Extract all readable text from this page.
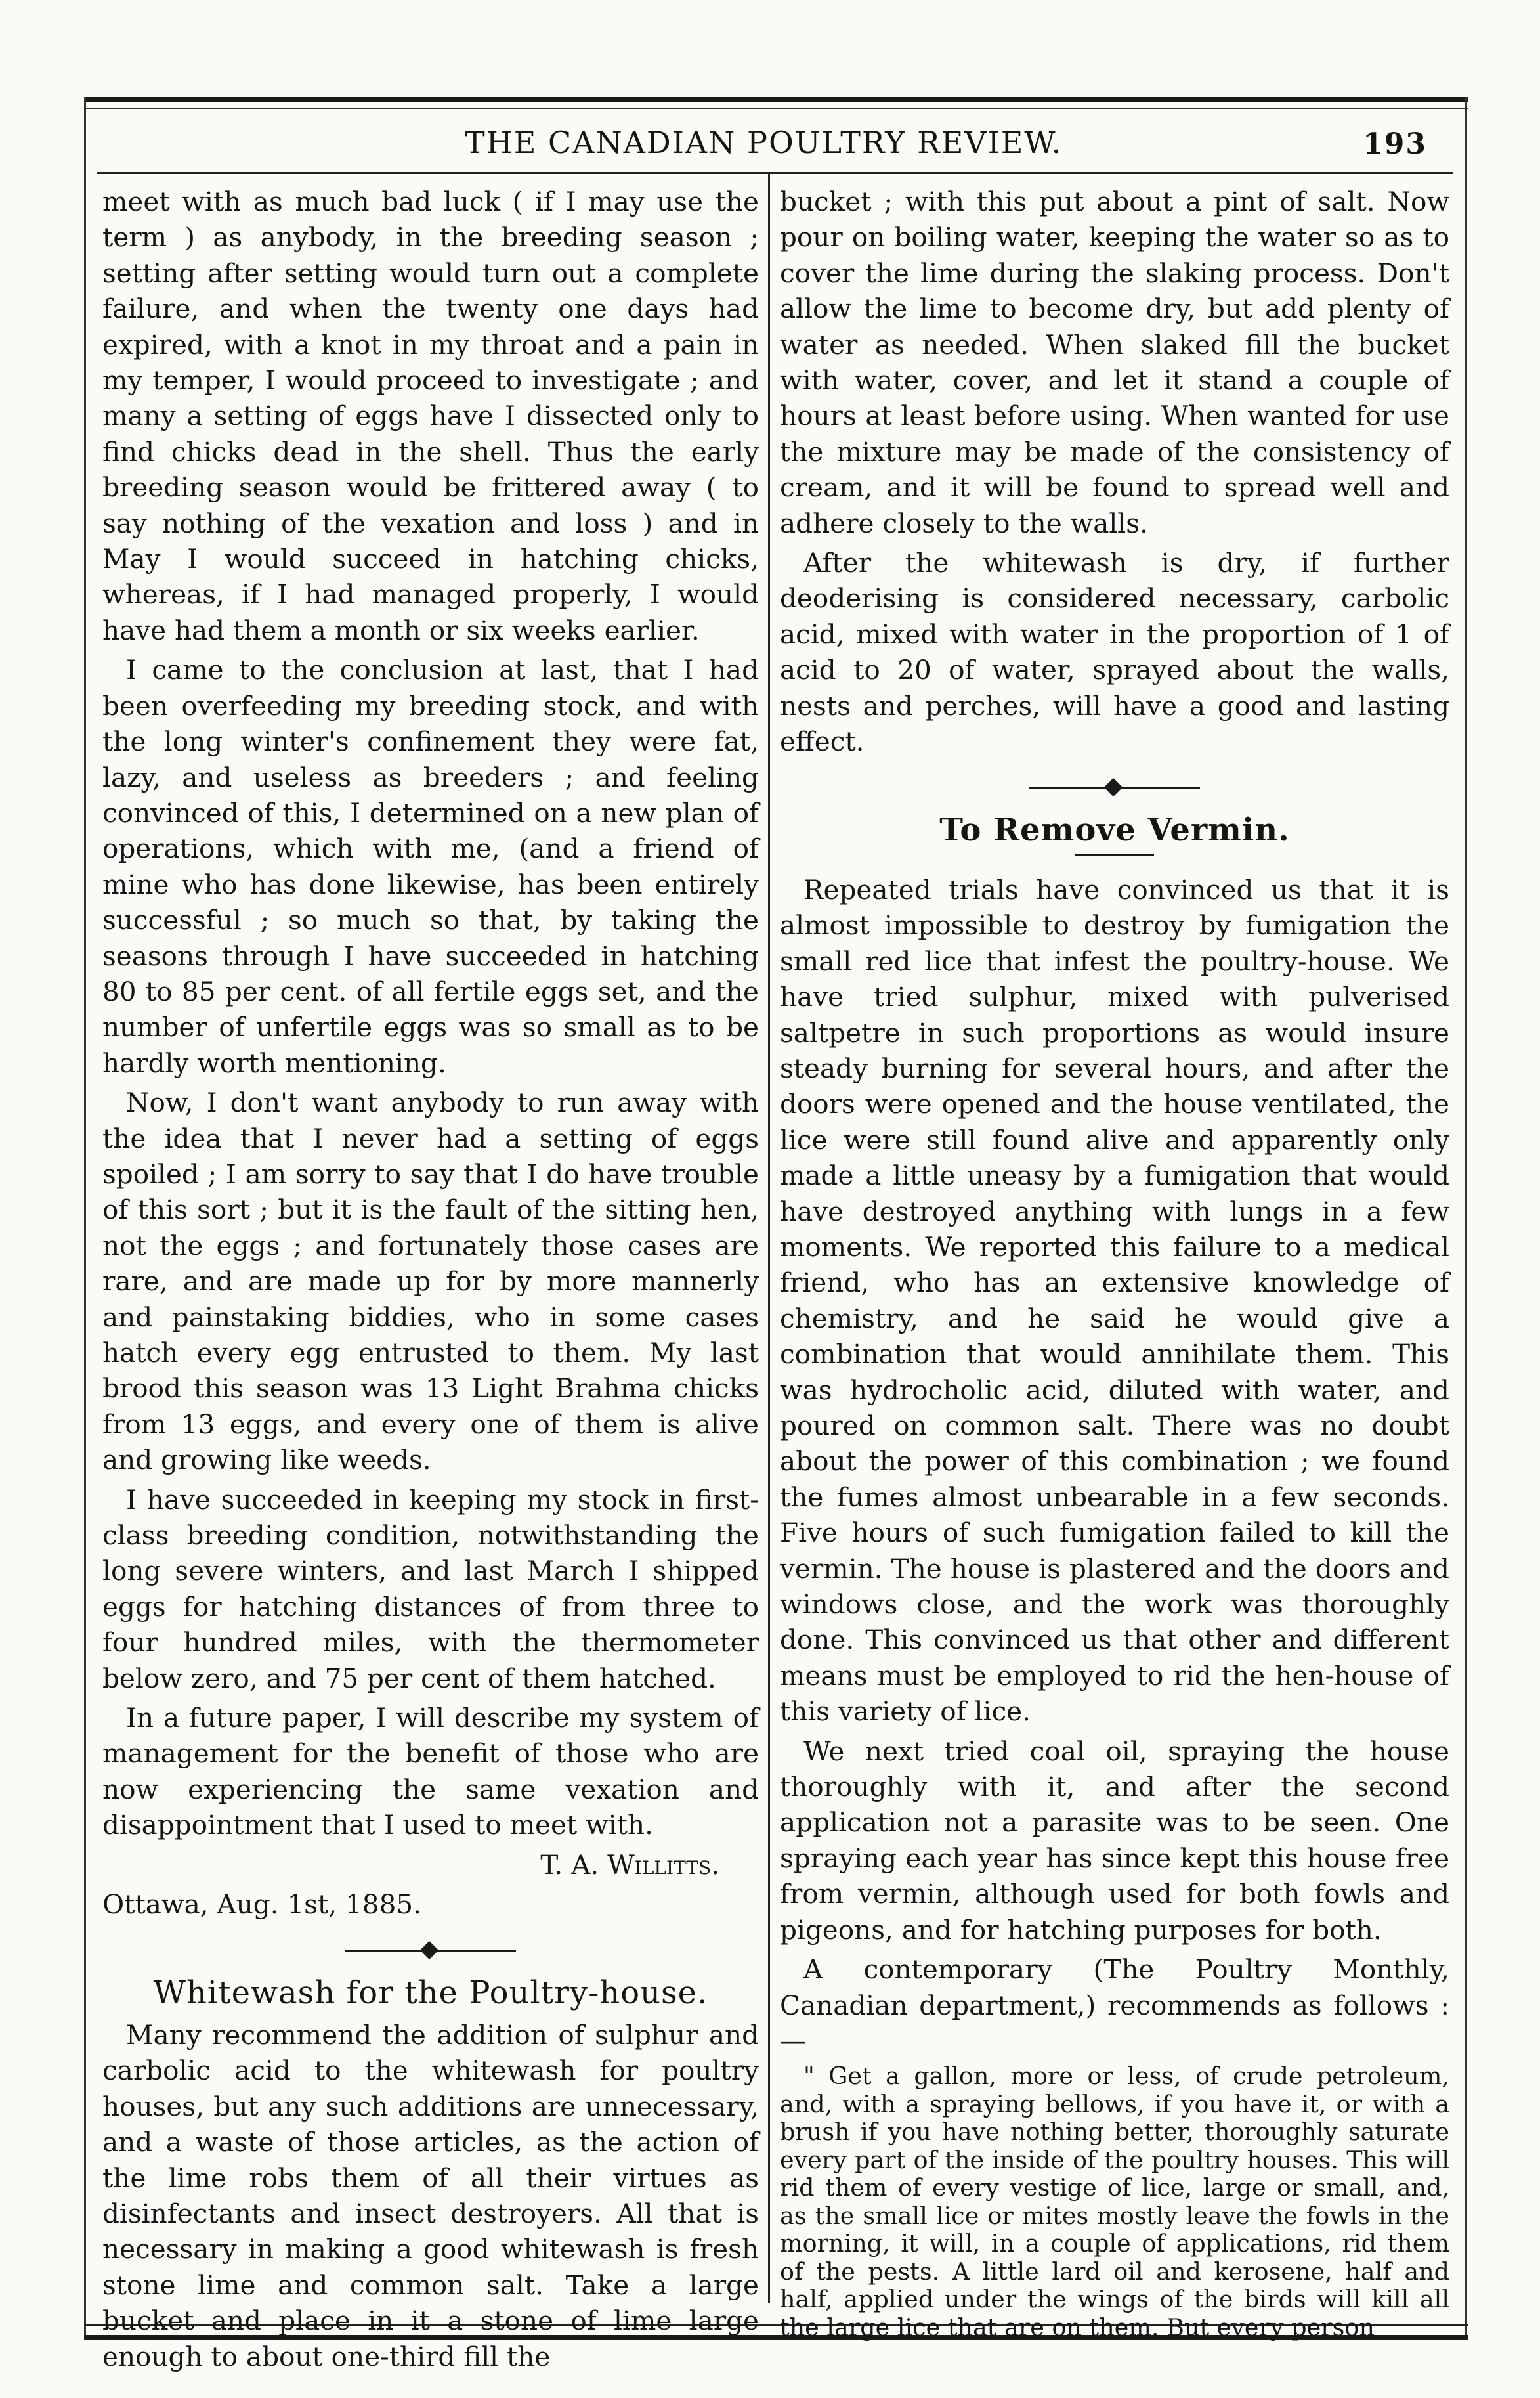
THE CANADIAN POULTRY REVIEW.	193

meet with as much bad luck ( if I may use the term ) as anybody, in the breeding season ; setting after setting would turn out a complete failure, and when the twenty one days had expired, with a knot in my throat and a pain in my temper, I would proceed to investigate ; and many a setting of eggs have I dissected only to find chicks dead in the shell. Thus the early breeding season would be frittered away ( to say nothing of the vexation and loss ) and in May I would succeed in hatching chicks, whereas, if I had managed properly, I would have had them a month or six weeks earlier.

I came to the conclusion at last, that I had been overfeeding my breeding stock, and with the long winter's confinement they were fat, lazy, and useless as breeders ; and feeling convinced of this, I determined on a new plan of operations, which with me, (and a friend of mine who has done likewise, has been entirely successful ; so much so that, by taking the seasons through I have succeeded in hatching 80 to 85 per cent. of all fertile eggs set, and the number of unfertile eggs was so small as to be hardly worth mentioning.

Now, I don't want anybody to run away with the idea that I never had a setting of eggs spoiled ; I am sorry to say that I do have trouble of this sort ; but it is the fault of the sitting hen, not the eggs ; and fortunately those cases are rare, and are made up for by more mannerly and painstaking biddies, who in some cases hatch every egg entrusted to them. My last brood this season was 13 Light Brahma chicks from 13 eggs, and every one of them is alive and growing like weeds.

I have succeeded in keeping my stock in first-class breeding condition, notwithstanding the long severe winters, and last March I shipped eggs for hatching distances of from three to four hundred miles, with the thermometer below zero, and 75 per cent of them hatched.

In a future paper, I will describe my system of management for the benefit of those who are now experiencing the same vexation and disappointment that I used to meet with.

T. A. Willitts.

Ottawa, Aug. 1st, 1885.

Whitewash for the Poultry-house.

Many recommend the addition of sulphur and carbolic acid to the whitewash for poultry houses, but any such additions are unnecessary, and a waste of those articles, as the action of the lime robs them of all their virtues as disinfectants and insect destroyers. All that is necessary in making a good whitewash is fresh stone lime and common salt. Take a large bucket and place in it a stone of lime large enough to about one-third fill the

bucket ; with this put about a pint of salt. Now pour on boiling water, keeping the water so as to cover the lime during the slaking process. Don't allow the lime to become dry, but add plenty of water as needed. When slaked fill the bucket with water, cover, and let it stand a couple of hours at least before using. When wanted for use the mixture may be made of the consistency of cream, and it will be found to spread well and adhere closely to the walls.

After the whitewash is dry, if further deoderising is considered necessary, carbolic acid, mixed with water in the proportion of 1 of acid to 20 of water, sprayed about the walls, nests and perches, will have a good and lasting effect.

To Remove Vermin.

Repeated trials have convinced us that it is almost impossible to destroy by fumigation the small red lice that infest the poultry-house. We have tried sulphur, mixed with pulverised saltpetre in such proportions as would insure steady burning for several hours, and after the doors were opened and the house ventilated, the lice were still found alive and apparently only made a little uneasy by a fumigation that would have destroyed anything with lungs in a few moments. We reported this failure to a medical friend, who has an extensive knowledge of chemistry, and he said he would give a combination that would annihilate them. This was hydrocholic acid, diluted with water, and poured on common salt. There was no doubt about the power of this combination ; we found the fumes almost unbearable in a few seconds. Five hours of such fumigation failed to kill the vermin. The house is plastered and the doors and windows close, and the work was thoroughly done. This convinced us that other and different means must be employed to rid the hen-house of this variety of lice.

We next tried coal oil, spraying the house thoroughly with it, and after the second application not a parasite was to be seen. One spraying each year has since kept this house free from vermin, although used for both fowls and pigeons, and for hatching purposes for both.

A contemporary (The Poultry Monthly, Canadian department,) recommends as follows :—

" Get a gallon, more or less, of crude petroleum, and, with a spraying bellows, if you have it, or with a brush if you have nothing better, thoroughly saturate every part of the inside of the poultry houses. This will rid them of every vestige of lice, large or small, and, as the small lice or mites mostly leave the fowls in the morning, it will, in a couple of applications, rid them of the pests. A little lard oil and kerosene, half and half, applied under the wings of the birds will kill all the large lice that are on them. But every person
